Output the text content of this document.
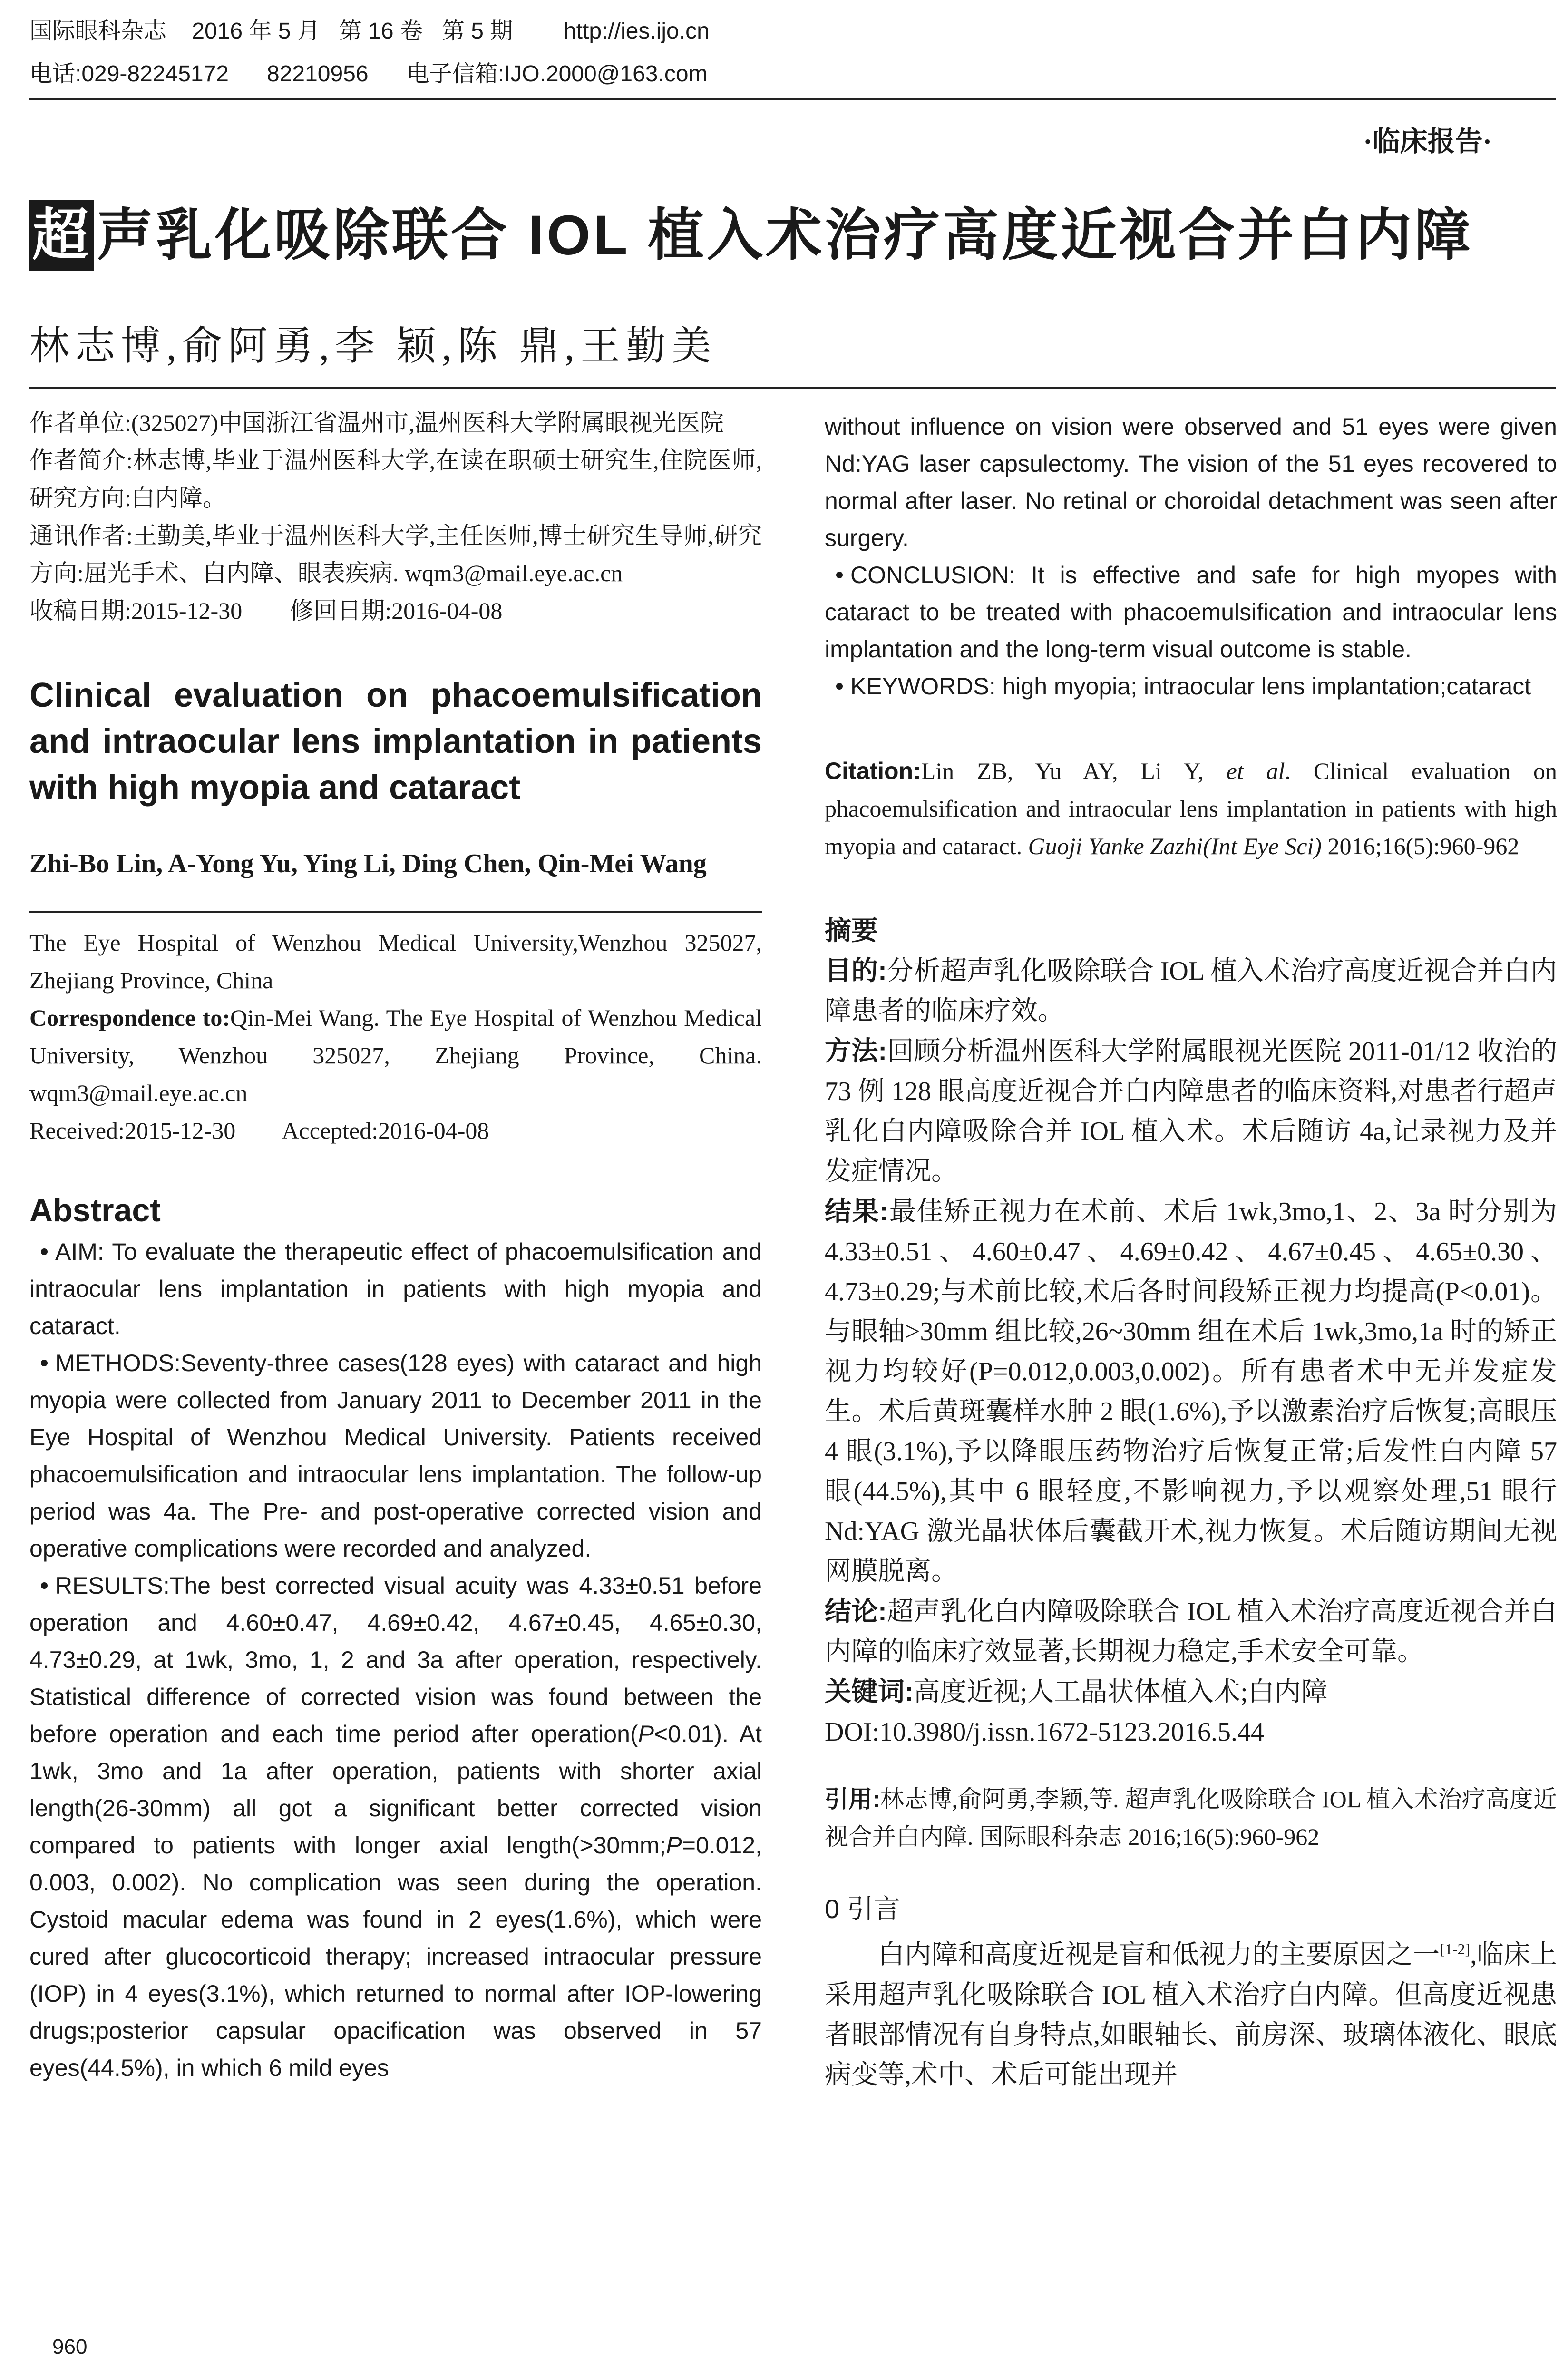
国际眼科杂志    2016 年 5 月   第 16 卷   第 5 期        http://ies.ijo.cn
电话:029-82245172      82210956      电子信箱:IJO.2000@163.com
·临床报告·
超 声乳化吸除联合 IOL 植入术治疗高度近视合并白内障
林志博,俞阿勇,李 颖,陈 鼎,王勤美

作者单位:(325027)中国浙江省温州市,温州医科大学附属眼视光医院

作者简介:林志博,毕业于温州医科大学,在读在职硕士研究生,住院医师,研究方向:白内障。

通讯作者:王勤美,毕业于温州医科大学,主任医师,博士研究生导师,研究方向:屈光手术、白内障、眼表疾病. wqm3@mail.eye.ac.cn

收稿日期:2015-12-30        修回日期:2016-04-08

Clinical evaluation on phacoemulsification and intraocular lens implantation in patients with high myopia and cataract

Zhi-Bo Lin, A-Yong Yu, Ying Li, Ding Chen, Qin-Mei Wang

The Eye Hospital of Wenzhou Medical University,Wenzhou 325027, Zhejiang Province, China

Correspondence to:Qin-Mei Wang. The Eye Hospital of Wenzhou Medical University, Wenzhou 325027, Zhejiang Province, China. wqm3@mail.eye.ac.cn

Received:2015-12-30        Accepted:2016-04-08

Abstract

AIM: To evaluate the therapeutic effect of phacoemulsification and intraocular lens implantation in patients with high myopia and cataract.

METHODS:Seventy-three cases(128 eyes) with cataract and high myopia were collected from January 2011 to December 2011 in the Eye Hospital of Wenzhou Medical University. Patients received phacoemulsification and intraocular lens implantation. The follow-up period was 4a. The Pre- and post-operative corrected vision and operative complications were recorded and analyzed.

RESULTS:The best corrected visual acuity was 4.33±0.51 before operation and 4.60±0.47, 4.69±0.42, 4.67±0.45, 4.65±0.30, 4.73±0.29, at 1wk, 3mo, 1, 2 and 3a after operation, respectively. Statistical difference of corrected vision was found between the before operation and each time period after operation(P<0.01). At 1wk, 3mo and 1a after operation, patients with shorter axial length(26-30mm) all got a significant better corrected vision compared to patients with longer axial length(>30mm;P=0.012, 0.003, 0.002). No complication was seen during the operation. Cystoid macular edema was found in 2 eyes(1.6%), which were cured after glucocorticoid therapy; increased intraocular pressure (IOP) in 4 eyes(3.1%), which returned to normal after IOP-lowering drugs;posterior capsular opacification was observed in 57 eyes(44.5%), in which 6 mild eyes

without influence on vision were observed and 51 eyes were given Nd:YAG laser capsulectomy. The vision of the 51 eyes recovered to normal after laser. No retinal or choroidal detachment was seen after surgery.

CONCLUSION: It is effective and safe for high myopes with cataract to be treated with phacoemulsification and intraocular lens implantation and the long-term visual outcome is stable.

KEYWORDS: high myopia; intraocular lens implantation;cataract

Citation:Lin ZB, Yu AY, Li Y, et al. Clinical evaluation on phacoemulsification and intraocular lens implantation in patients with high myopia and cataract. Guoji Yanke Zazhi(Int Eye Sci) 2016;16(5):960-962

摘要

目的:分析超声乳化吸除联合 IOL 植入术治疗高度近视合并白内障患者的临床疗效。

方法:回顾分析温州医科大学附属眼视光医院 2011-01/12 收治的 73 例 128 眼高度近视合并白内障患者的临床资料,对患者行超声乳化白内障吸除合并 IOL 植入术。术后随访 4a,记录视力及并发症情况。

结果:最佳矫正视力在术前、术后 1wk,3mo,1、2、3a 时分别为 4.33±0.51、4.60±0.47、4.69±0.42、4.67±0.45、4.65±0.30、4.73±0.29;与术前比较,术后各时间段矫正视力均提高(P<0.01)。与眼轴>30mm 组比较,26~30mm 组在术后 1wk,3mo,1a 时的矫正视力均较好(P=0.012,0.003,0.002)。所有患者术中无并发症发生。术后黄斑囊样水肿 2 眼(1.6%),予以激素治疗后恢复;高眼压 4 眼(3.1%),予以降眼压药物治疗后恢复正常;后发性白内障 57 眼(44.5%),其中 6 眼轻度,不影响视力,予以观察处理,51 眼行 Nd:YAG 激光晶状体后囊截开术,视力恢复。术后随访期间无视网膜脱离。

结论:超声乳化白内障吸除联合 IOL 植入术治疗高度近视合并白内障的临床疗效显著,长期视力稳定,手术安全可靠。

关键词:高度近视;人工晶状体植入术;白内障

DOI:10.3980/j.issn.1672-5123.2016.5.44

引用:林志博,俞阿勇,李颖,等. 超声乳化吸除联合 IOL 植入术治疗高度近视合并白内障. 国际眼科杂志 2016;16(5):960-962

0 引言

白内障和高度近视是盲和低视力的主要原因之一[1-2],临床上采用超声乳化吸除联合 IOL 植入术治疗白内障。但高度近视患者眼部情况有自身特点,如眼轴长、前房深、玻璃体液化、眼底病变等,术中、术后可能出现并

960
